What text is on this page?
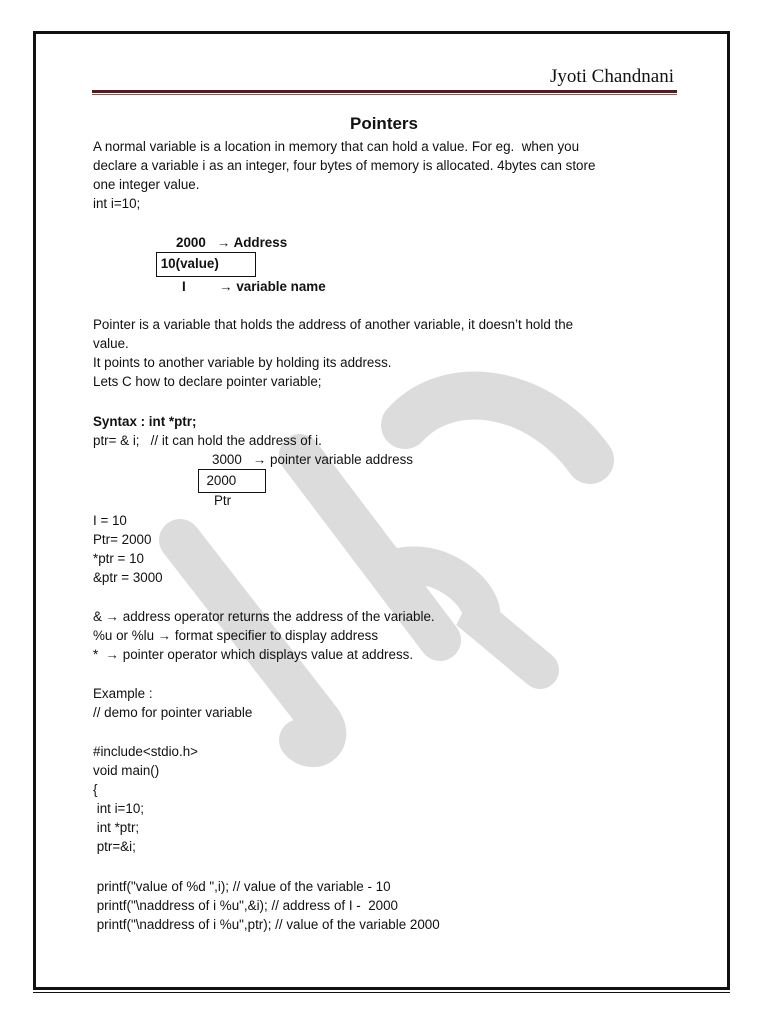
Jyoti Chandnani
Pointers
A normal variable is a location in memory that can hold a value. For eg.  when you
declare a variable i as an integer, four bytes of memory is allocated. 4bytes can store
one integer value.
int i=10;
2000   → Address
10(value)
I         → variable name
Pointer is a variable that holds the address of another variable, it doesn’t hold the
value.
It points to another variable by holding its address.
Lets C how to declare pointer variable;
Syntax : int *ptr;
ptr= & i;   // it can hold the address of i.
3000   → pointer variable address
2000
Ptr
I = 10
Ptr= 2000
*ptr = 10
&ptr = 3000
& → address operator returns the address of the variable.
%u or %lu → format specifier to display address
*  → pointer operator which displays value at address.
Example :
// demo for pointer variable
#include<stdio.h>
void main()
{
int i=10;
int *ptr;
ptr=&i;
printf("value of %d ",i); // value of the variable - 10
printf("\naddress of i %u",&i); // address of I -  2000
printf("\naddress of i %u",ptr); // value of the variable 2000
